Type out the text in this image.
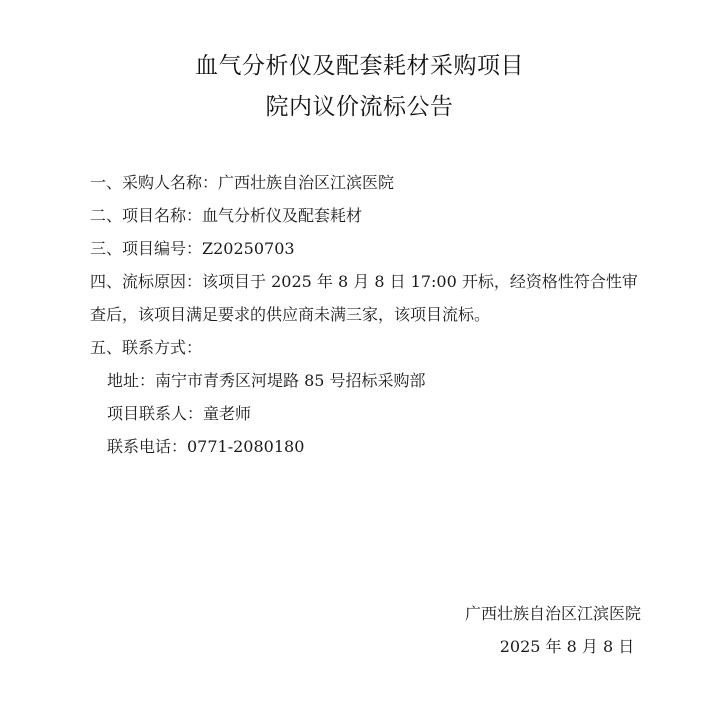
血气分析仪及配套耗材采购项目
院内议价流标公告
一、采购人名称：广西壮族自治区江滨医院
二、项目名称：血气分析仪及配套耗材
三、项目编号：Z20250703
四、流标原因：该项目于 2025 年 8 月 8 日 17:00 开标，经资格性符合性审查后，该项目满足要求的供应商未满三家，该项目流标。
五、联系方式：
地址：南宁市青秀区河堤路 85 号招标采购部
项目联系人：童老师
联系电话：0771-2080180
广西壮族自治区江滨医院
2025 年 8 月 8 日
